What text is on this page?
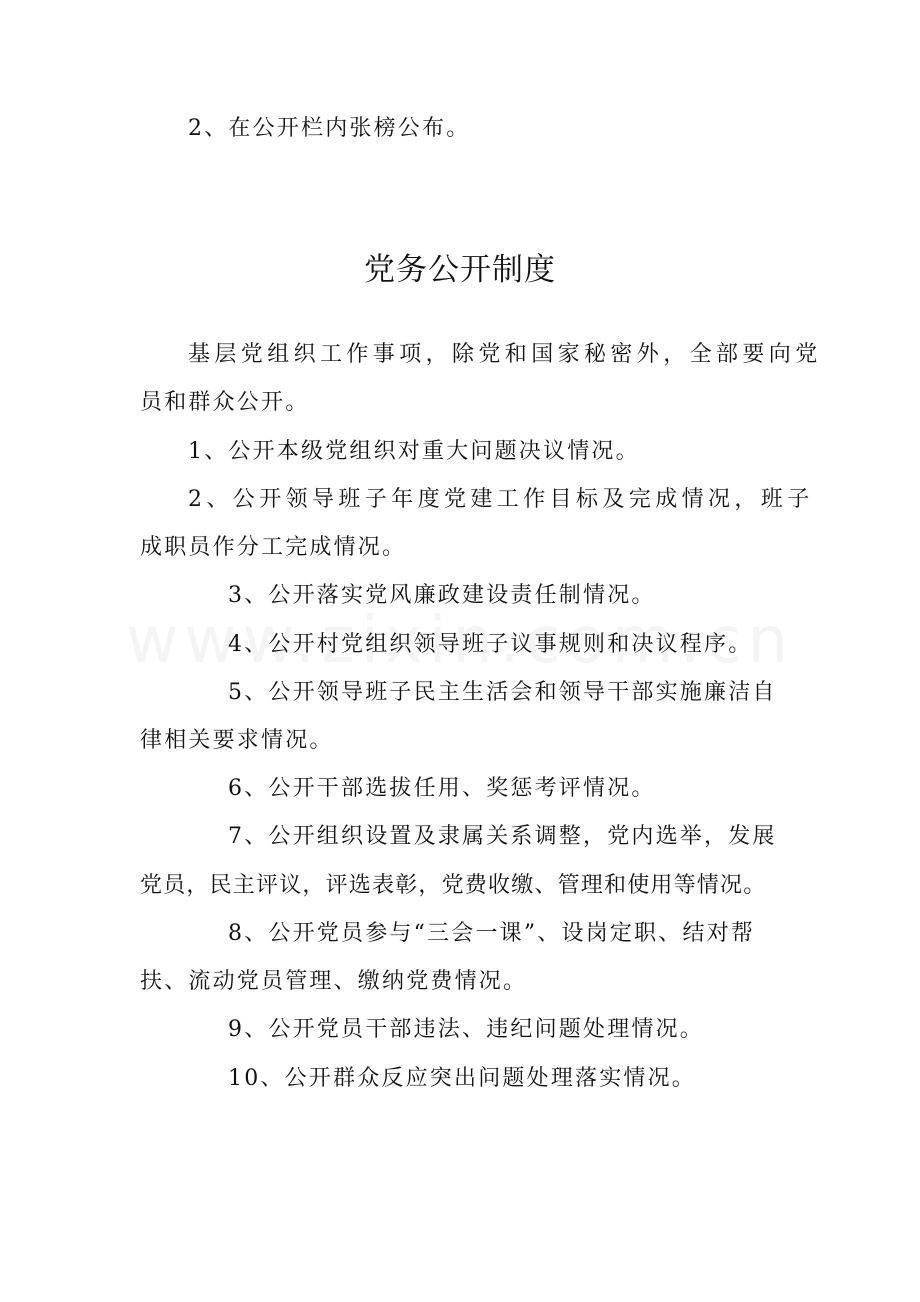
2、在公开栏内张榜公布。
党务公开制度
基层党组织工作事项，除党和国家秘密外，全部要向党
员和群众公开。
1、公开本级党组织对重大问题决议情况。
2、公开领导班子年度党建工作目标及完成情况，班子
成职员作分工完成情况。
3、公开落实党风廉政建设责任制情况。
4、公开村党组织领导班子议事规则和决议程序。
5、公开领导班子民主生活会和领导干部实施廉洁自
律相关要求情况。
6、公开干部选拔任用、奖惩考评情况。
7、公开组织设置及隶属关系调整，党内选举，发展
党员，民主评议，评选表彰，党费收缴、管理和使用等情况。
8、公开党员参与“三会一课”、设岗定职、结对帮
扶、流动党员管理、缴纳党费情况。
9、公开党员干部违法、违纪问题处理情况。
10、公开群众反应突出问题处理落实情况。
